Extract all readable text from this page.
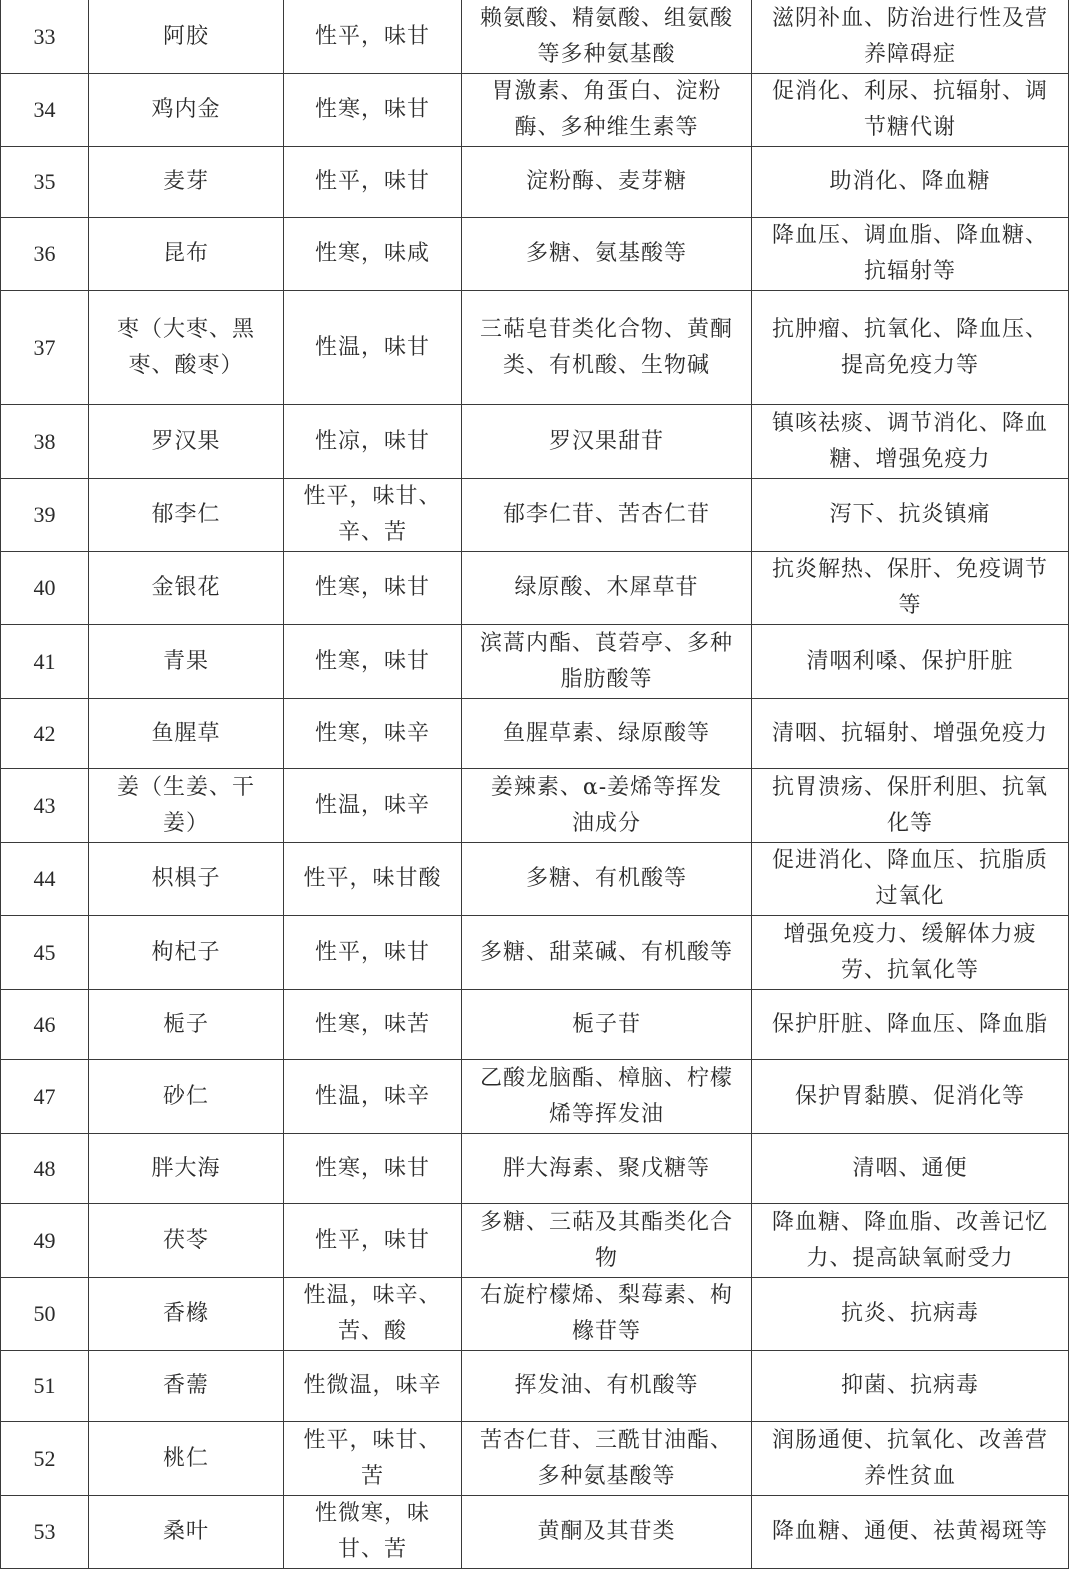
33	阿胶	性平，味甘	赖氨酸、精氨酸、组氨酸
等多种氨基酸	滋阴补血、防治进行性及营
养障碍症
34	鸡内金	性寒，味甘	胃激素、角蛋白、淀粉
酶、多种维生素等	促消化、利尿、抗辐射、调
节糖代谢
35	麦芽	性平，味甘	淀粉酶、麦芽糖	助消化、降血糖
36	昆布	性寒，味咸	多糖、氨基酸等	降血压、调血脂、降血糖、
抗辐射等
37	枣（大枣、黑
枣、酸枣）	性温，味甘	三萜皂苷类化合物、黄酮
类、有机酸、生物碱	抗肿瘤、抗氧化、降血压、
提高免疫力等
38	罗汉果	性凉，味甘	罗汉果甜苷	镇咳祛痰、调节消化、降血
糖、增强免疫力
39	郁李仁	性平，味甘、
辛、苦	郁李仁苷、苦杏仁苷	泻下、抗炎镇痛
40	金银花	性寒，味甘	绿原酸、木犀草苷	抗炎解热、保肝、免疫调节
等
41	青果	性寒，味甘	滨蒿内酯、莨菪亭、多种
脂肪酸等	清咽利嗓、保护肝脏
42	鱼腥草	性寒，味辛	鱼腥草素、绿原酸等	清咽、抗辐射、增强免疫力
43	姜（生姜、干
姜）	性温，味辛	姜辣素、α-姜烯等挥发
油成分	抗胃溃疡、保肝利胆、抗氧
化等
44	枳椇子	性平，味甘酸	多糖、有机酸等	促进消化、降血压、抗脂质
过氧化
45	枸杞子	性平，味甘	多糖、甜菜碱、有机酸等	增强免疫力、缓解体力疲
劳、抗氧化等
46	栀子	性寒，味苦	栀子苷	保护肝脏、降血压、降血脂
47	砂仁	性温，味辛	乙酸龙脑酯、樟脑、柠檬
烯等挥发油	保护胃黏膜、促消化等
48	胖大海	性寒，味甘	胖大海素、聚戊糖等	清咽、通便
49	茯苓	性平，味甘	多糖、三萜及其酯类化合
物	降血糖、降血脂、改善记忆
力、提高缺氧耐受力
50	香橼	性温，味辛、
苦、酸	右旋柠檬烯、梨莓素、枸
橼苷等	抗炎、抗病毒
51	香薷	性微温，味辛	挥发油、有机酸等	抑菌、抗病毒
52	桃仁	性平，味甘、
苦	苦杏仁苷、三酰甘油酯、
多种氨基酸等	润肠通便、抗氧化、改善营
养性贫血
53	桑叶	性微寒，味
甘、苦	黄酮及其苷类	降血糖、通便、祛黄褐斑等
